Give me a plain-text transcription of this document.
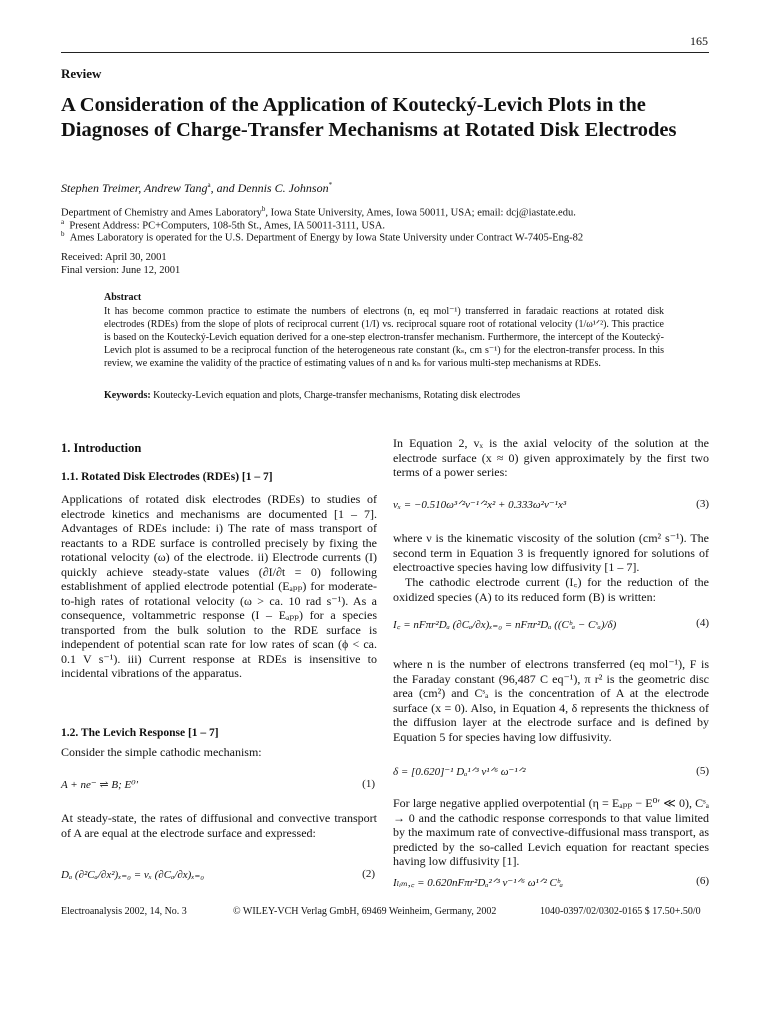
165
Review
A Consideration of the Application of Koutecký-Levich Plots in the Diagnoses of Charge-Transfer Mechanisms at Rotated Disk Electrodes
Stephen Treimer, Andrew Tang$^a$, and Dennis C. Johnson*
Department of Chemistry and Ames Laboratory$^b$, Iowa State University, Ames, Iowa 50011, USA; email: dcj@iastate.edu.
$^a$ Present Address: PC+Computers, 108-5th St., Ames, IA 50011-3111, USA.
$^b$ Ames Laboratory is operated for the U.S. Department of Energy by Iowa State University under Contract W-7405-Eng-82
Received: April 30, 2001
Final version: June 12, 2001
Abstract
It has become common practice to estimate the numbers of electrons (n, eq mol⁻¹) transferred in faradaic reactions at rotated disk electrodes (RDEs) from the slope of plots of reciprocal current (1/I) vs. reciprocal square root of rotational velocity (1/ω¹ᐟ²). This practice is based on the Koutecký-Levich equation derived for a one-step electron-transfer mechanism. Furthermore, the intercept of the Koutecký-Levich plot is assumed to be a reciprocal function of the heterogeneous rate constant (kₛ, cm s⁻¹) for the electron-transfer process. In this review, we examine the validity of the practice of estimating values of n and kₕ for various multi-step mechanisms at RDEs.
Keywords: Koutecky-Levich equation and plots, Charge-transfer mechanisms, Rotating disk electrodes
1. Introduction
1.1. Rotated Disk Electrodes (RDEs) [1 – 7]
Applications of rotated disk electrodes (RDEs) to studies of electrode kinetics and mechanisms are documented [1 – 7]. Advantages of RDEs include: i) The rate of mass transport of reactants to a RDE surface is controlled precisely by fixing the rotational velocity (ω) of the electrode. ii) Electrode currents (I) quickly achieve steady-state values (∂I/∂t = 0) following establishment of applied electrode potential (Eₐₚₚ) for moderate-to-high rates of rotational velocity (ω > ca. 10 rad s⁻¹). As a consequence, voltammetric response (I – Eₐₚₚ) for a species transported from the bulk solution to the RDE surface is independent of potential scan rate for low rates of scan (ϕ < ca. 0.1 V s⁻¹). iii) Current response at RDEs is insensitive to incidental vibrations of the apparatus.
1.2. The Levich Response [1 – 7]
Consider the simple cathodic mechanism:
A + ne⁻ ⇌ B; E⁰′	(1)
At steady-state, the rates of diffusional and convective transport of A are equal at the electrode surface and expressed:
Dₐ (∂²Cₐ/∂x²)ₓ₌₀ = vₓ (∂Cₐ/∂x)ₓ₌₀	(2)
In Equation 2, vₓ is the axial velocity of the solution at the electrode surface (x ≈ 0) given approximately by the first two terms of a power series:
vₓ = −0.510ω³ᐟ²ν⁻¹ᐟ²x² + 0.333ω²ν⁻¹x³	(3)
where ν is the kinematic viscosity of the solution (cm² s⁻¹). The second term in Equation 3 is frequently ignored for solutions of electroactive species having low diffusivity [1 – 7].
The cathodic electrode current (I꜀) for the reduction of the oxidized species (A) to its reduced form (B) is written:
I꜀ = nFπr²Dₐ (∂Cₐ/∂x)ₓ₌₀ = nFπr²Dₐ ((Cᵇₐ − Cˢₐ)/δ)	(4)
where n is the number of electrons transferred (eq mol⁻¹), F is the Faraday constant (96,487 C eq⁻¹), π r² is the geometric disc area (cm²) and Cˢₐ is the concentration of A at the electrode surface (x = 0). Also, in Equation 4, δ represents the thickness of the diffusion layer at the electrode surface and is defined by Equation 5 for species having low diffusivity.
δ = [0.620]⁻¹ Dₐ¹ᐟ³ ν¹ᐟ⁶ ω⁻¹ᐟ²	(5)
For large negative applied overpotential (η = Eₐₚₚ − E⁰′ ≪ 0), Cˢₐ → 0 and the cathodic response corresponds to that value limited by the maximum rate of convective-diffusional mass transport, as predicted by the so-called Levich equation for reactant species having low diffusivity [1].
Iₗᵢₘ,꜀ = 0.620nFπr²Dₐ²ᐟ³ ν⁻¹ᐟ⁶ ω¹ᐟ² Cᵇₐ	(6)
Electroanalysis 2002, 14, No. 3	© WILEY-VCH Verlag GmbH, 69469 Weinheim, Germany, 2002	1040-0397/02/0302-0165 $ 17.50+.50/0
